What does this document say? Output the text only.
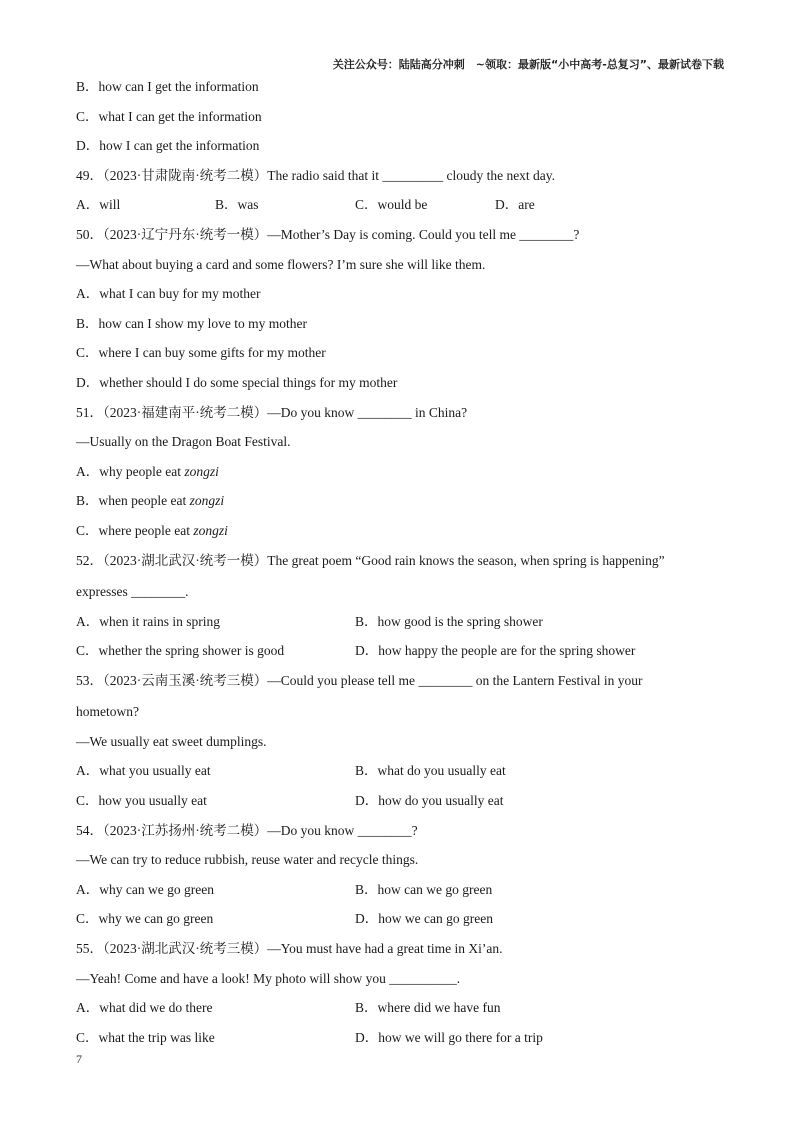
关注公众号：陆陆高分冲刺　~领取：最新版“小中高考-总复习”、最新试卷下载
B．how can I get the information
C．what I can get the information
D．how I can get the information
49．（2023·甘肃陇南·统考二模）The radio said that it _________ cloudy the next day.
A．will	B．was	C．would be	D．are
50．（2023·辽宁丹东·统考一模）—Mother’s Day is coming. Could you tell me ________?
—What about buying a card and some flowers? I’m sure she will like them.
A．what I can buy for my mother
B．how can I show my love to my mother
C．where I can buy some gifts for my mother
D．whether should I do some special things for my mother
51．（2023·福建南平·统考二模）—Do you know ________ in China?
—Usually on the Dragon Boat Festival.
A．why people eat zongzi
B．when people eat zongzi
C．where people eat zongzi
52．（2023·湖北武汉·统考一模）The great poem “Good rain knows the season, when spring is happening”
expresses ________.
A．when it rains in spring	B．how good is the spring shower
C．whether the spring shower is good	D．how happy the people are for the spring shower
53．（2023·云南玉溪·统考三模）—Could you please tell me ________ on the Lantern Festival in your
hometown?
—We usually eat sweet dumplings.
A．what you usually eat	B．what do you usually eat
C．how you usually eat	D．how do you usually eat
54．（2023·江苏扬州·统考二模）—Do you know ________?
—We can try to reduce rubbish, reuse water and recycle things.
A．why can we go green	B．how can we go green
C．why we can go green	D．how we can go green
55．（2023·湖北武汉·统考三模）—You must have had a great time in Xi’an.
—Yeah! Come and have a look! My photo will show you __________.
A．what did we do there	B．where did we have fun
C．what the trip was like	D．how we will go there for a trip
7
